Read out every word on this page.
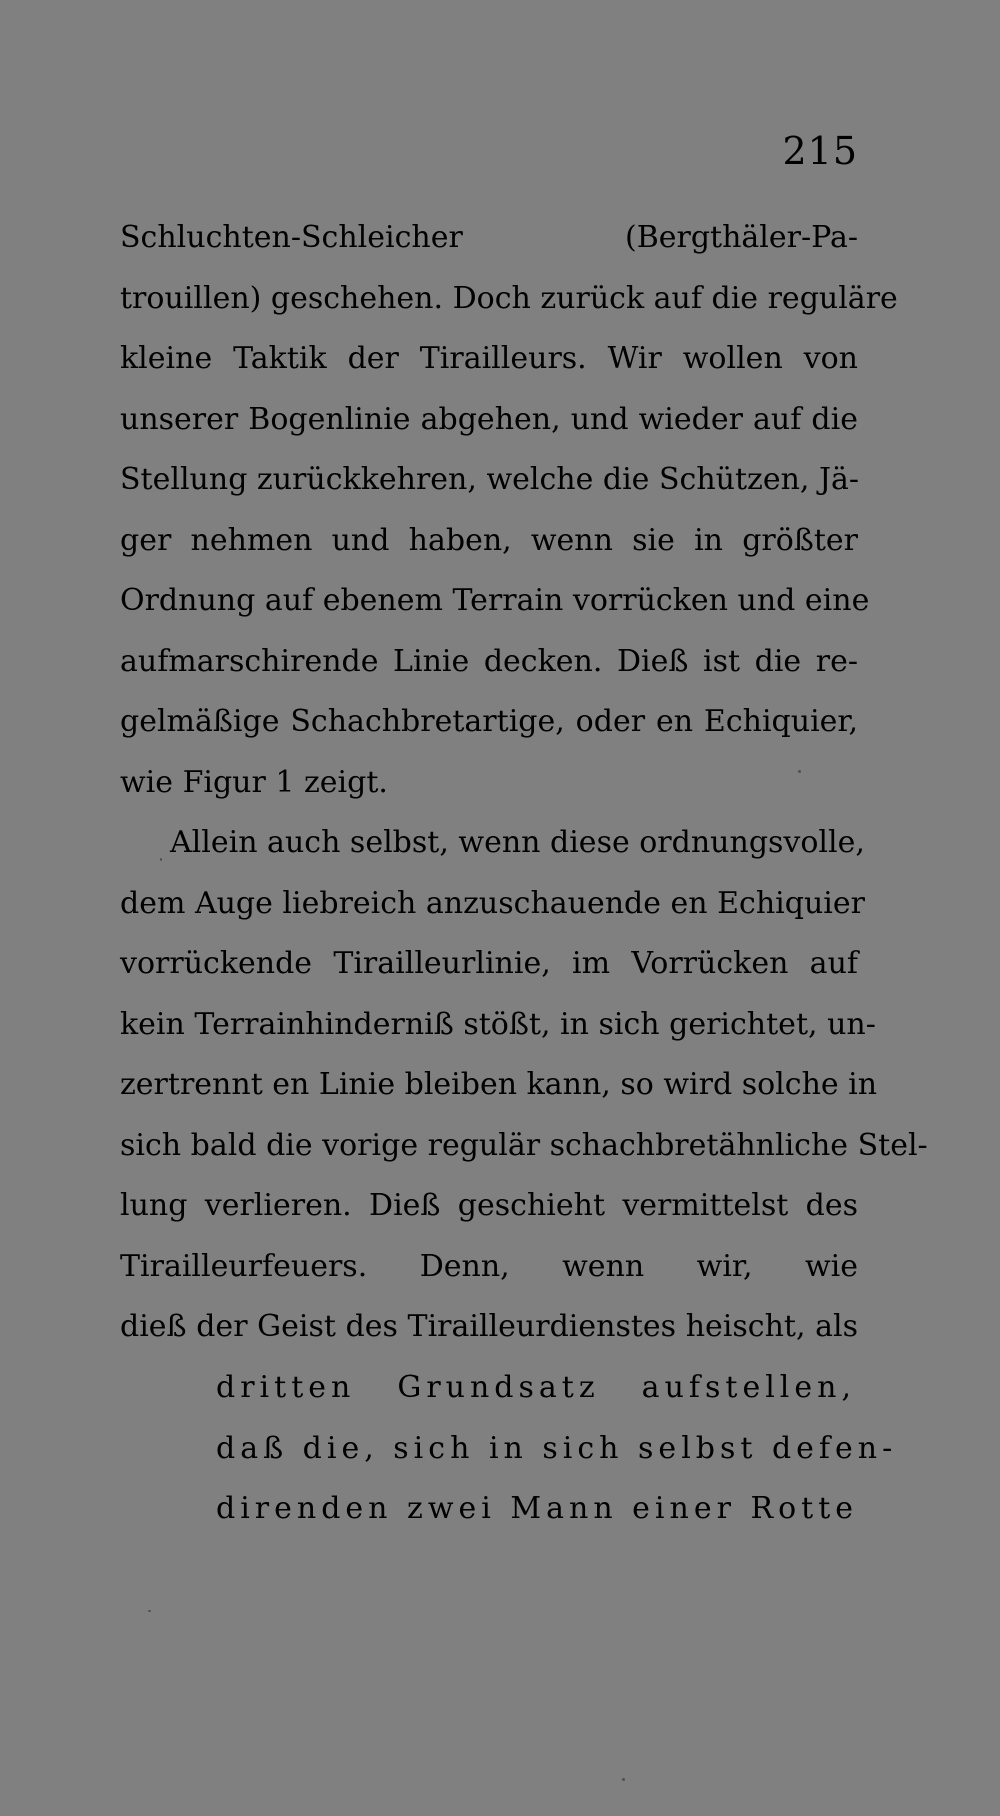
215
Schluchten-Schleicher (Bergthäler-Pa-
trouillen) geschehen. Doch zurück auf die reguläre
kleine Taktik der Tirailleurs. Wir wollen von
unserer Bogenlinie abgehen, und wieder auf die
Stellung zurückkehren, welche die Schützen, Jä-
ger nehmen und haben, wenn sie in größter
Ordnung auf ebenem Terrain vorrücken und eine
aufmarschirende Linie decken. Dieß ist die re-
gelmäßige Schachbretartige, oder en Echiquier,
wie Figur 1 zeigt.
Allein auch selbst, wenn diese ordnungsvolle,
dem Auge liebreich anzuschauende en Echiquier
vorrückende Tirailleurlinie, im Vorrücken auf
kein Terrainhinderniß stößt, in sich gerichtet, un-
zertrennt en Linie bleiben kann, so wird solche in
sich bald die vorige regulär schachbretähnliche Stel-
lung verlieren. Dieß geschieht vermittelst des
Tirailleurfeuers. Denn, wenn wir, wie
dieß der Geist des Tirailleurdienstes heischt, als
dritten Grundsatz aufstellen,
daß die, sich in sich selbst defen-
direnden zwei Mann einer Rotte
